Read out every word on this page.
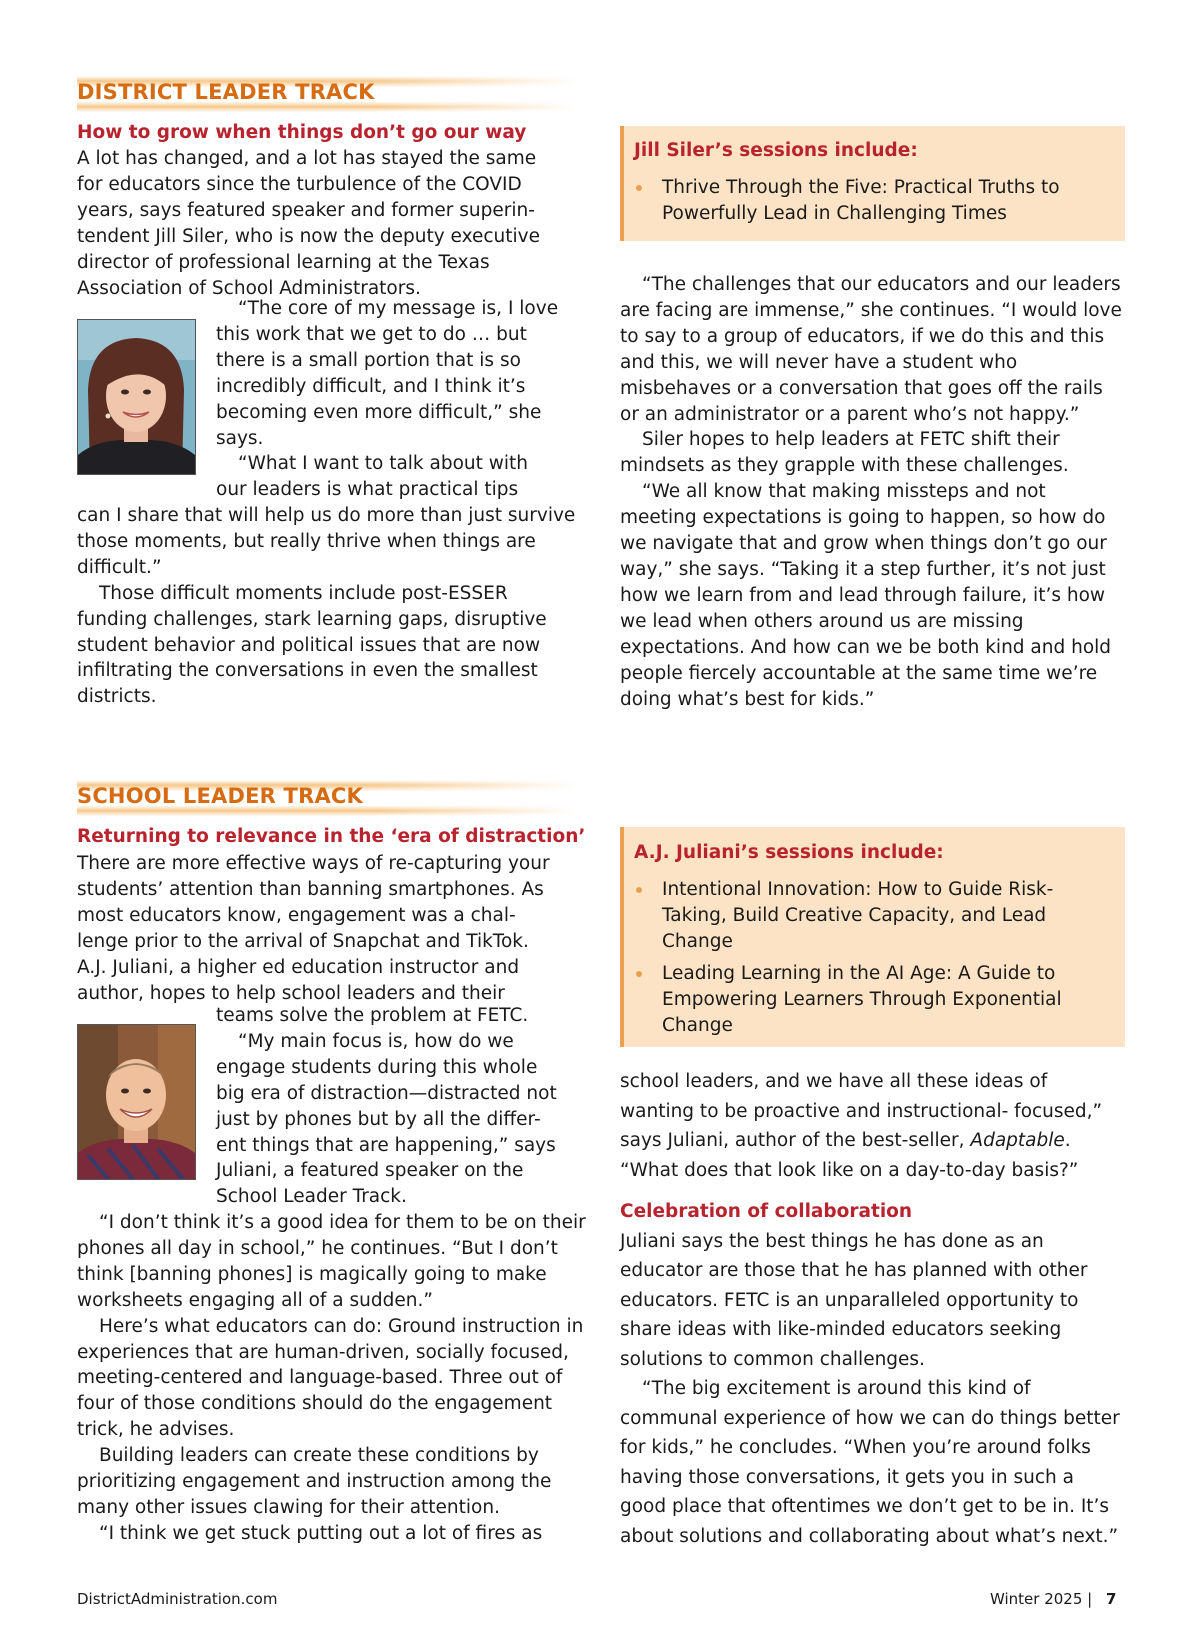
DISTRICT LEADER TRACK
How to grow when things don’t go our way

A lot has changed, and a lot has stayed the same

for educators since the turbulence of the COVID

years, says featured speaker and former superin-

tendent Jill Siler, who is now the deputy executive

director of professional learning at the Texas

Association of School Administrators.

“The core of my message is, I love

this work that we get to do … but

there is a small portion that is so

incredibly difficult, and I think it’s

becoming even more difficult,” she

says.

“What I want to talk about with

our leaders is what practical tips

can I share that will help us do more than just survive those moments, but really thrive when things are difficult.”

Those difficult moments include post-ESSER funding challenges, stark learning gaps, disruptive student behavior and political issues that are now infiltrating the conversations in even the smallest districts.

Jill Siler’s sessions include:
Thrive Through the Five: Practical Truths to Powerfully Lead in Challenging Times

“The challenges that our educators and our leaders are facing are immense,” she continues. “I would love to say to a group of educators, if we do this and this and this, we will never have a student who misbehaves or a conversation that goes off the rails or an administrator or a parent who’s not happy.”

Siler hopes to help leaders at FETC shift their mindsets as they grapple with these challenges.

“We all know that making missteps and not meeting expectations is going to happen, so how do we navigate that and grow when things don’t go our way,” she says. “Taking it a step further, it’s not just how we learn from and lead through failure, it’s how we lead when others around us are missing expectations. And how can we be both kind and hold people fiercely accountable at the same time we’re doing what’s best for kids.”

SCHOOL LEADER TRACK
Returning to relevance in the ‘era of distraction’

There are more effective ways of re-capturing your

students’ attention than banning smartphones. As

most educators know, engagement was a chal-

lenge prior to the arrival of Snapchat and TikTok.

A.J. Juliani, a higher ed education instructor and

author, hopes to help school leaders and their

teams solve the problem at FETC.

“My main focus is, how do we

engage students during this whole

big era of distraction—distracted not

just by phones but by all the differ-

ent things that are happening,” says

Juliani, a featured speaker on the

School Leader Track.

“I don’t think it’s a good idea for them to be on their phones all day in school,” he continues. “But I don’t think [banning phones] is magically going to make worksheets engaging all of a sudden.”

Here’s what educators can do: Ground instruction in experiences that are human-driven, socially focused, meeting-centered and language-based. Three out of four of those conditions should do the engagement trick, he advises.

Building leaders can create these conditions by prioritizing engagement and instruction among the many other issues clawing for their attention.

“I think we get stuck putting out a lot of fires as

A.J. Juliani’s sessions include:
Intentional Innovation: How to Guide Risk-Taking, Build Creative Capacity, and Lead Change
Leading Learning in the AI Age: A Guide to Empowering Learners Through Exponential Change

school leaders, and we have all these ideas of wanting to be proactive and instructional- focused,” says Juliani, author of the best-seller, Adaptable. “What does that look like on a day-to-day basis?”

Celebration of collaboration

Juliani says the best things he has done as an educator are those that he has planned with other educators. FETC is an unparalleled opportunity to share ideas with like-minded educators seeking solutions to common challenges.

“The big excitement is around this kind of communal experience of how we can do things better for kids,” he concludes. “When you’re around folks having those conversations, it gets you in such a good place that oftentimes we don’t get to be in. It’s about solutions and collaborating about what’s next.”

DistrictAdministration.com	Winter 2025 | 7
